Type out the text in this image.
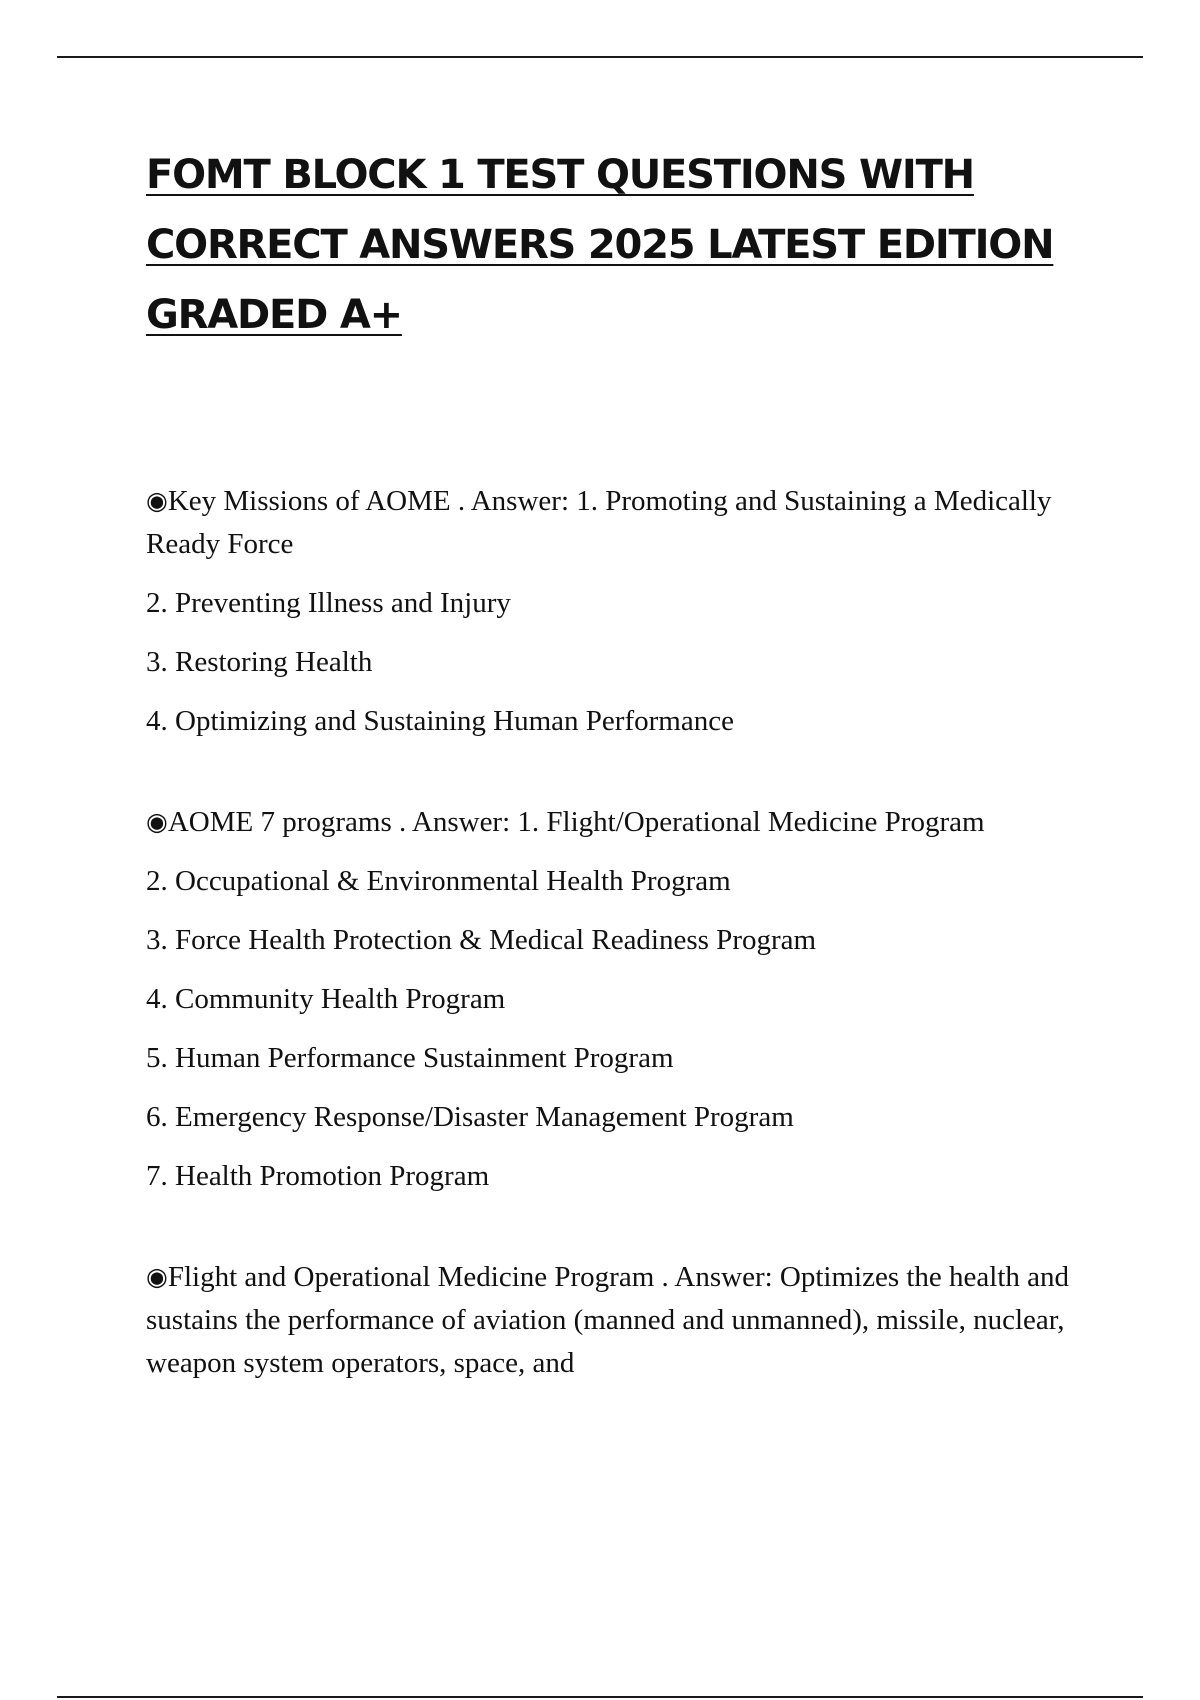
FOMT BLOCK 1 TEST QUESTIONS WITH
CORRECT ANSWERS 2025 LATEST EDITION
GRADED A+

◉Key Missions of AOME . Answer: 1. Promoting and Sustaining a Medically Ready Force

2. Preventing Illness and Injury

3. Restoring Health

4. Optimizing and Sustaining Human Performance

◉AOME 7 programs . Answer: 1. Flight/Operational Medicine Program

2. Occupational & Environmental Health Program

3. Force Health Protection & Medical Readiness Program

4. Community Health Program

5. Human Performance Sustainment Program

6. Emergency Response/Disaster Management Program

7. Health Promotion Program

◉Flight and Operational Medicine Program . Answer: Optimizes the health and sustains the performance of aviation (manned and unmanned), missile, nuclear, weapon system operators, space, and
